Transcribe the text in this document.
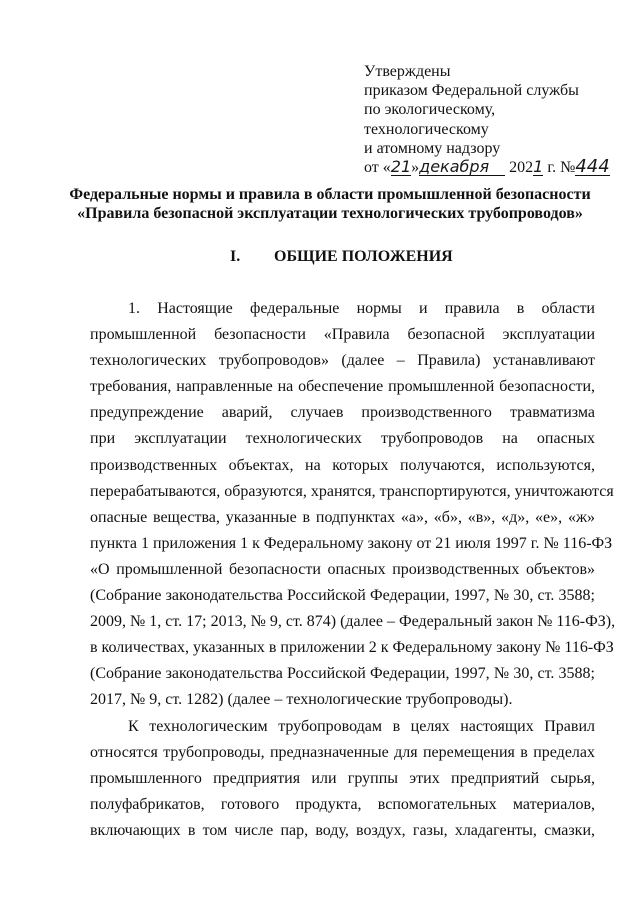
Утверждены
приказом Федеральной службы
по экологическому,
технологическому
и атомному надзору
от «21»декабря 2021 г. №444
Федеральные нормы и правила в области промышленной безопасности
«Правила безопасной эксплуатации технологических трубопроводов»
I. ОБЩИЕ ПОЛОЖЕНИЯ
1. Настоящие федеральные нормы и правила в области
промышленной безопасности «Правила безопасной эксплуатации
технологических трубопроводов» (далее – Правила) устанавливают
требования, направленные на обеспечение промышленной безопасности,
предупреждение аварий, случаев производственного травматизма
при эксплуатации технологических трубопроводов на опасных
производственных объектах, на которых получаются, используются,
перерабатываются, образуются, хранятся, транспортируются, уничтожаются
опасные вещества, указанные в подпунктах «а», «б», «в», «д», «е», «ж»
пункта 1 приложения 1 к Федеральному закону от 21 июля 1997 г. № 116-ФЗ
«О промышленной безопасности опасных производственных объектов»
(Собрание законодательства Российской Федерации, 1997, № 30, ст. 3588;
2009, № 1, ст. 17; 2013, № 9, ст. 874) (далее – Федеральный закон № 116-ФЗ),
в количествах, указанных в приложении 2 к Федеральному закону № 116-ФЗ
(Собрание законодательства Российской Федерации, 1997, № 30, ст. 3588;
2017, № 9, ст. 1282) (далее – технологические трубопроводы).
К технологическим трубопроводам в целях настоящих Правил
относятся трубопроводы, предназначенные для перемещения в пределах
промышленного предприятия или группы этих предприятий сырья,
полуфабрикатов, готового продукта, вспомогательных материалов,
включающих в том числе пар, воду, воздух, газы, хладагенты, смазки,
